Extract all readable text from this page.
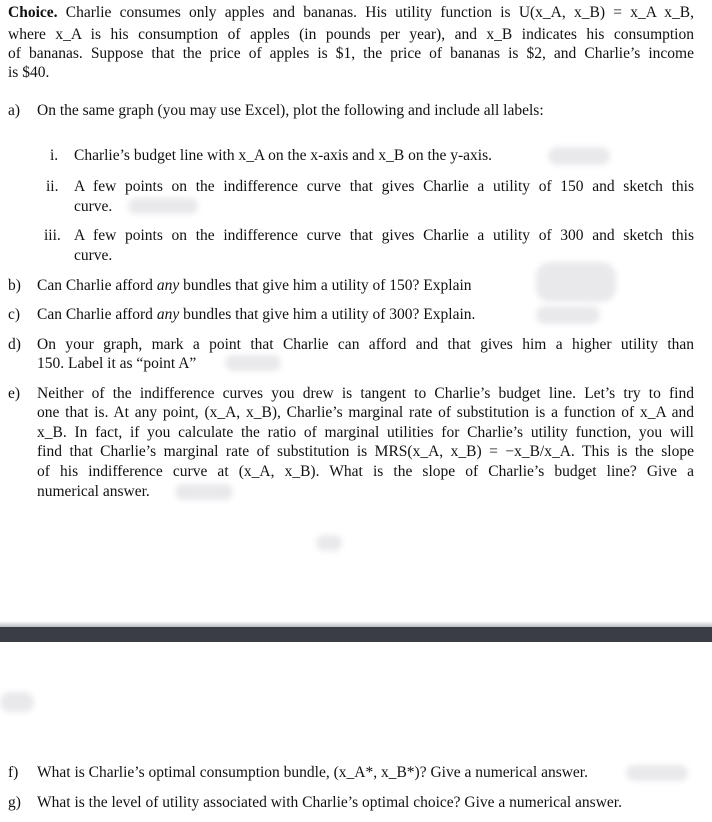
Choice. Charlie consumes only apples and bananas. His utility function is U(x_A, x_B) = x_A x_B,
where x_A is his consumption of apples (in pounds per year), and x_B indicates his consumption
of bananas. Suppose that the price of apples is $1, the price of bananas is $2, and Charlie’s income
is $40.
a) On the same graph (you may use Excel), plot the following and include all labels:
i. Charlie’s budget line with x_A on the x-axis and x_B on the y-axis.
ii. A few points on the indifference curve that gives Charlie a utility of 150 and sketch this
curve.
iii. A few points on the indifference curve that gives Charlie a utility of 300 and sketch this
curve.
b) Can Charlie afford any bundles that give him a utility of 150? Explain
c) Can Charlie afford any bundles that give him a utility of 300? Explain.
d) On your graph, mark a point that Charlie can afford and that gives him a higher utility than
150. Label it as “point A”
e) Neither of the indifference curves you drew is tangent to Charlie’s budget line. Let’s try to find
one that is. At any point, (x_A, x_B), Charlie’s marginal rate of substitution is a function of x_A and
x_B. In fact, if you calculate the ratio of marginal utilities for Charlie’s utility function, you will
find that Charlie’s marginal rate of substitution is MRS(x_A, x_B) = −x_B/x_A. This is the slope
of his indifference curve at (x_A, x_B). What is the slope of Charlie’s budget line? Give a
numerical answer.
f) What is Charlie’s optimal consumption bundle, (x_A*, x_B*)? Give a numerical answer.
g) What is the level of utility associated with Charlie’s optimal choice? Give a numerical answer.
